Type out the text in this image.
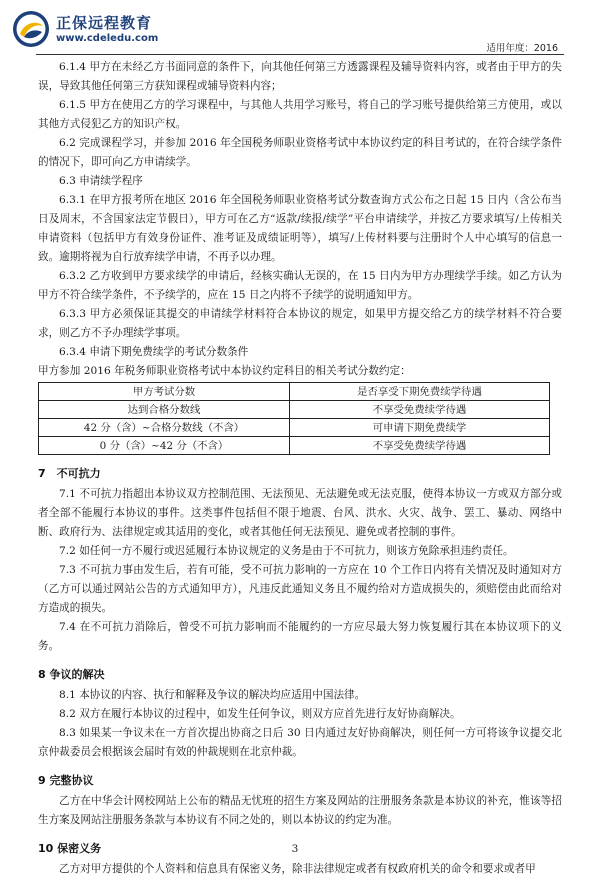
正保远程教育
www.cdeledu.com
适用年度：2016

6.1.4 甲方在未经乙方书面同意的条件下，向其他任何第三方透露课程及辅导资料内容，或者由于甲方的失误，导致其他任何第三方获知课程或辅导资料内容；

6.1.5 甲方在使用乙方的学习课程中，与其他人共用学习账号，将自己的学习账号提供给第三方使用，或以其他方式侵犯乙方的知识产权。

6.2 完成课程学习，并参加 2016 年全国税务师职业资格考试中本协议约定的科目考试的，在符合续学条件的情况下，即可向乙方申请续学。

6.3 申请续学程序

6.3.1 在甲方报考所在地区 2016 年全国税务师职业资格考试分数查询方式公布之日起 15 日内（含公布当日及周末，不含国家法定节假日），甲方可在乙方“返款/续报/续学”平台申请续学，并按乙方要求填写/上传相关申请资料（包括甲方有效身份证件、准考证及成绩证明等），填写/上传材料要与注册时个人中心填写的信息一致。逾期将视为自行放弃续学申请，不再予以办理。

6.3.2 乙方收到甲方要求续学的申请后，经核实确认无误的，在 15 日内为甲方办理续学手续。如乙方认为甲方不符合续学条件，不予续学的，应在 15 日之内将不予续学的说明通知甲方。

6.3.3 甲方必须保证其提交的申请续学材料符合本协议的规定，如果甲方提交给乙方的续学材料不符合要求，则乙方不予办理续学事项。

6.3.4 申请下期免费续学的考试分数条件

甲方参加 2016 年税务师职业资格考试中本协议约定科目的相关考试分数约定：

甲方考试分数	是否享受下期免费续学待遇
达到合格分数线	不享受免费续学待遇
42 分（含）~合格分数线（不含）	可申请下期免费续学
0 分（含）~42 分（不含）	不享受免费续学待遇
7　不可抗力

7.1 不可抗力指超出本协议双方控制范围、无法预见、无法避免或无法克服，使得本协议一方或双方部分或者全部不能履行本协议的事件。这类事件包括但不限于地震、台风、洪水、火灾、战争、罢工、暴动、网络中断、政府行为、法律规定或其适用的变化，或者其他任何无法预见、避免或者控制的事件。

7.2 如任何一方不履行或迟延履行本协议规定的义务是由于不可抗力，则该方免除承担违约责任。

7.3 不可抗力事由发生后，若有可能，受不可抗力影响的一方应在 10 个工作日内将有关情况及时通知对方（乙方可以通过网站公告的方式通知甲方），凡违反此通知义务且不履约给对方造成损失的，须赔偿由此而给对方造成的损失。

7.4 在不可抗力消除后，曾受不可抗力影响而不能履约的一方应尽最大努力恢复履行其在本协议项下的义务。

8 争议的解决

8.1 本协议的内容、执行和解释及争议的解决均应适用中国法律。

8.2 双方在履行本协议的过程中，如发生任何争议，则双方应首先进行友好协商解决。

8.3 如果某一争议未在一方首次提出协商之日后 30 日内通过友好协商解决，则任何一方可将该争议提交北京仲裁委员会根据该会届时有效的仲裁规则在北京仲裁。

9 完整协议

乙方在中华会计网校网站上公布的精品无忧班的招生方案及网站的注册服务条款是本协议的补充，惟该等招生方案及网站注册服务条款与本协议有不同之处的，则以本协议的约定为准。

10 保密义务

乙方对甲方提供的个人资料和信息具有保密义务，除非法律规定或者有权政府机关的命令和要求或者甲

3
